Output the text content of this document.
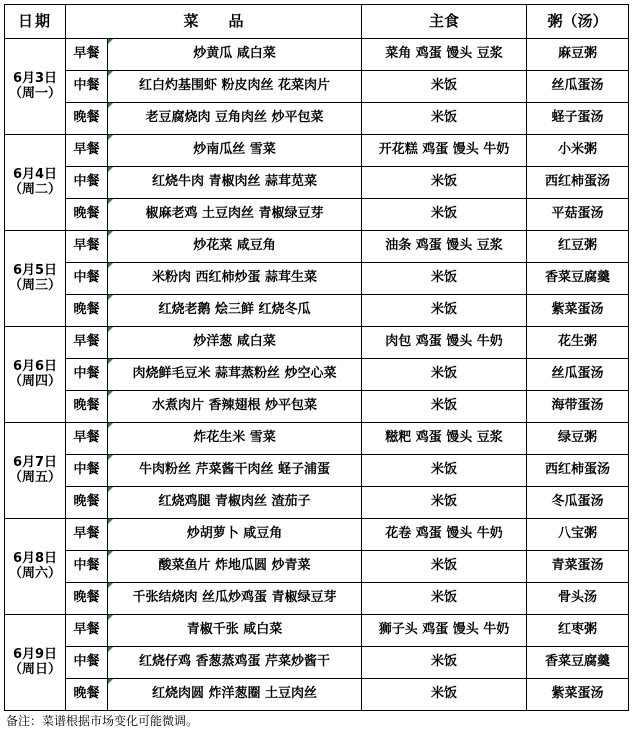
日期	菜　　品		主食	粥（汤）

6月3日
（周一）	早餐	炒黄瓜 咸白菜	菜角 鸡蛋 馒头 豆浆	麻豆粥
	中餐	红白灼基围虾 粉皮肉丝 花菜肉片	米饭	丝瓜蛋汤
	晚餐	老豆腐烧肉 豆角肉丝 炒平包菜	米饭	蛏子蛋汤

6月4日
（周二）	早餐	炒南瓜丝 雪菜	开花糕 鸡蛋 馒头 牛奶	小米粥
	中餐	红烧牛肉 青椒肉丝 蒜茸苋菜	米饭	西红柿蛋汤
	晚餐	椒麻老鸡 土豆肉丝 青椒绿豆芽	米饭	平菇蛋汤

6月5日
（周三）	早餐	炒花菜 咸豆角	油条 鸡蛋 馒头 豆浆	红豆粥
	中餐	米粉肉 西红柿炒蛋 蒜茸生菜	米饭	香菜豆腐羹
	晚餐	红烧老鹅 烩三鲜 红烧冬瓜	米饭	紫菜蛋汤

6月6日
（周四）	早餐	炒洋葱 咸白菜	肉包 鸡蛋 馒头 牛奶	花生粥
	中餐	肉烧鲜毛豆米 蒜茸蒸粉丝 炒空心菜	米饭	丝瓜蛋汤
	晚餐	水煮肉片 香辣翅根 炒平包菜	米饭	海带蛋汤

6月7日
（周五）	早餐	炸花生米 雪菜	糍粑 鸡蛋 馒头 豆浆	绿豆粥
	中餐	牛肉粉丝 芹菜酱干肉丝 蛏子浦蛋	米饭	西红柿蛋汤
	晚餐	红烧鸡腿 青椒肉丝 渣茄子	米饭	冬瓜蛋汤

6月8日
（周六）	早餐	炒胡萝卜 咸豆角	花卷 鸡蛋 馒头 牛奶	八宝粥
	中餐	酸菜鱼片 炸地瓜圆 炒青菜	米饭	青菜蛋汤
	晚餐	千张结烧肉 丝瓜炒鸡蛋 青椒绿豆芽	米饭	骨头汤

6月9日
（周日）	早餐	青椒千张 咸白菜	狮子头 鸡蛋 馒头 牛奶	红枣粥
	中餐	红烧仔鸡 香葱蒸鸡蛋 芹菜炒酱干	米饭	香菜豆腐羹
	晚餐	红烧肉圆 炸洋葱圈 土豆肉丝	米饭	紫菜蛋汤
备注：菜谱根据市场变化可能微调。
